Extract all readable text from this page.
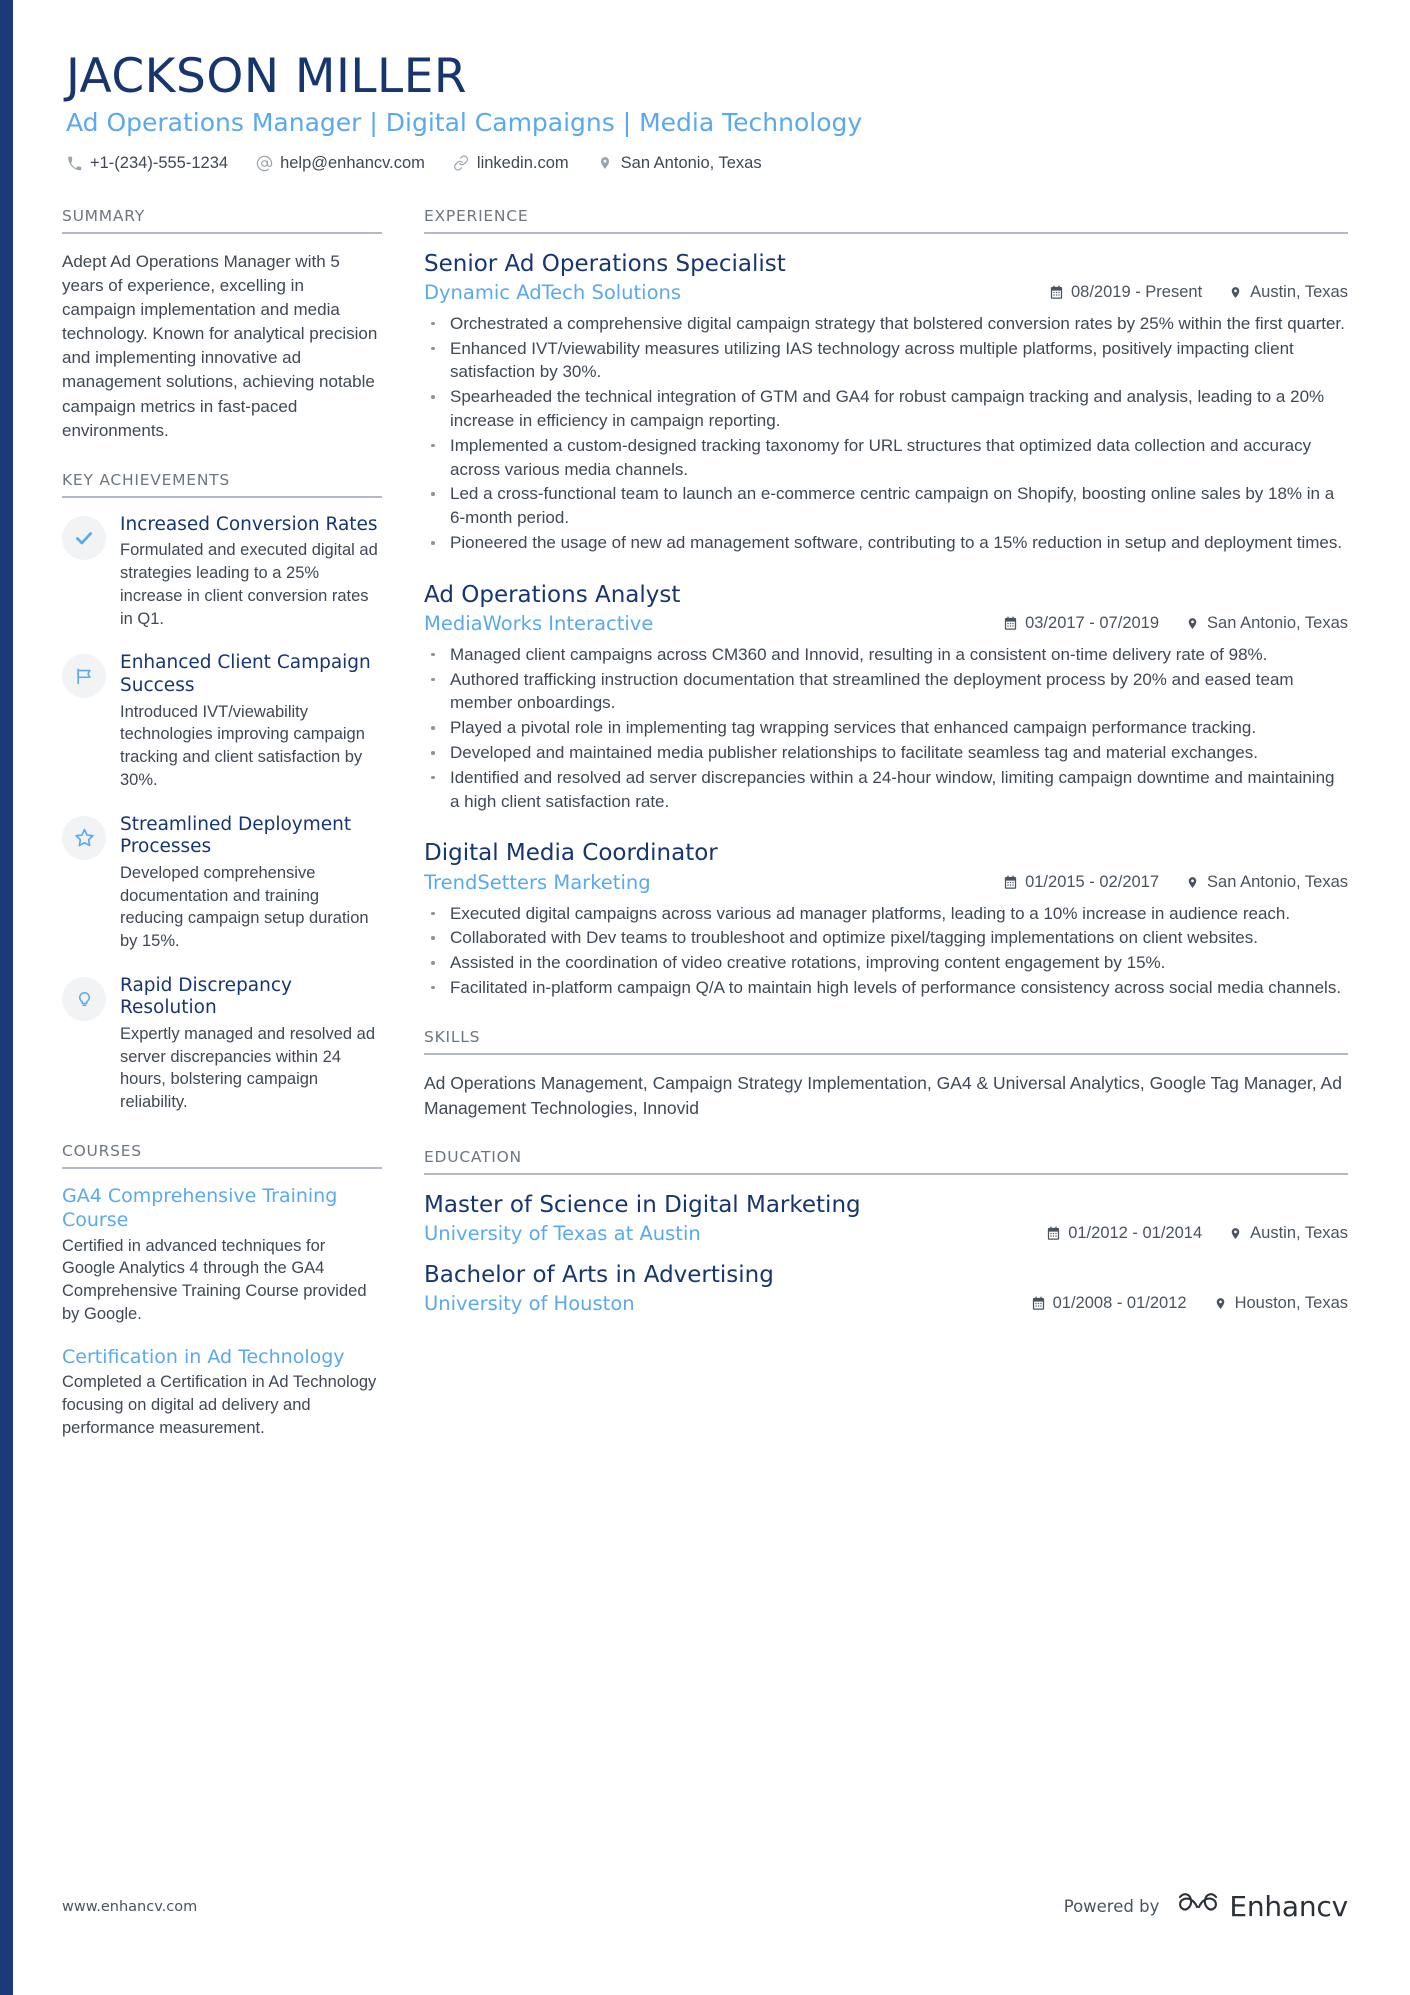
JACKSON MILLER
Ad Operations Manager | Digital Campaigns | Media Technology
+1-(234)-555-1234	help@enhancv.com	linkedin.com	San Antonio, Texas
SUMMARY
Adept Ad Operations Manager with 5 years of experience, excelling in campaign implementation and media technology. Known for analytical precision and implementing innovative ad management solutions, achieving notable campaign metrics in fast-paced environments.
KEY ACHIEVEMENTS
Increased Conversion Rates
Formulated and executed digital ad strategies leading to a 25% increase in client conversion rates in Q1.
Enhanced Client Campaign Success
Introduced IVT/viewability technologies improving campaign tracking and client satisfaction by 30%.
Streamlined Deployment Processes
Developed comprehensive documentation and training reducing campaign setup duration by 15%.
Rapid Discrepancy Resolution
Expertly managed and resolved ad server discrepancies within 24 hours, bolstering campaign reliability.
COURSES
GA4 Comprehensive Training Course
Certified in advanced techniques for Google Analytics 4 through the GA4 Comprehensive Training Course provided by Google.
Certification in Ad Technology
Completed a Certification in Ad Technology focusing on digital ad delivery and performance measurement.
EXPERIENCE
Senior Ad Operations Specialist
Dynamic AdTech Solutions	08/2019 - Present	Austin, Texas
Orchestrated a comprehensive digital campaign strategy that bolstered conversion rates by 25% within the first quarter.
Enhanced IVT/viewability measures utilizing IAS technology across multiple platforms, positively impacting client satisfaction by 30%.
Spearheaded the technical integration of GTM and GA4 for robust campaign tracking and analysis, leading to a 20% increase in efficiency in campaign reporting.
Implemented a custom-designed tracking taxonomy for URL structures that optimized data collection and accuracy across various media channels.
Led a cross-functional team to launch an e-commerce centric campaign on Shopify, boosting online sales by 18% in a 6-month period.
Pioneered the usage of new ad management software, contributing to a 15% reduction in setup and deployment times.
Ad Operations Analyst
MediaWorks Interactive	03/2017 - 07/2019	San Antonio, Texas
Managed client campaigns across CM360 and Innovid, resulting in a consistent on-time delivery rate of 98%.
Authored trafficking instruction documentation that streamlined the deployment process by 20% and eased team member onboardings.
Played a pivotal role in implementing tag wrapping services that enhanced campaign performance tracking.
Developed and maintained media publisher relationships to facilitate seamless tag and material exchanges.
Identified and resolved ad server discrepancies within a 24-hour window, limiting campaign downtime and maintaining a high client satisfaction rate.
Digital Media Coordinator
TrendSetters Marketing	01/2015 - 02/2017	San Antonio, Texas
Executed digital campaigns across various ad manager platforms, leading to a 10% increase in audience reach.
Collaborated with Dev teams to troubleshoot and optimize pixel/tagging implementations on client websites.
Assisted in the coordination of video creative rotations, improving content engagement by 15%.
Facilitated in-platform campaign Q/A to maintain high levels of performance consistency across social media channels.
SKILLS
Ad Operations Management, Campaign Strategy Implementation, GA4 & Universal Analytics, Google Tag Manager, Ad Management Technologies, Innovid
EDUCATION
Master of Science in Digital Marketing
University of Texas at Austin	01/2012 - 01/2014	Austin, Texas
Bachelor of Arts in Advertising
University of Houston	01/2008 - 01/2012	Houston, Texas
www.enhancv.com	Powered by	Enhancv
